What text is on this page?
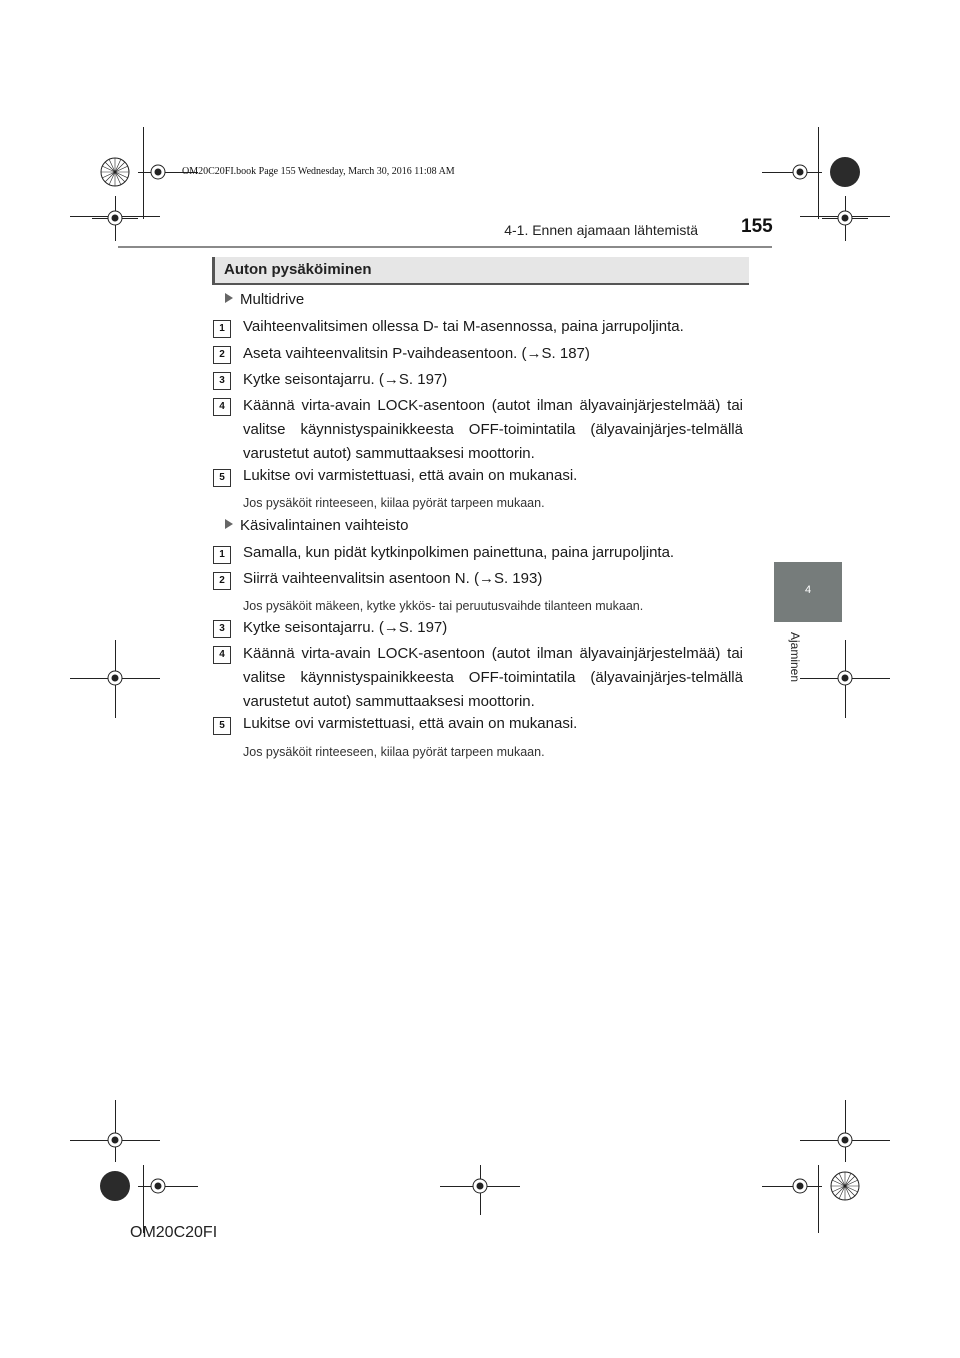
OM20C20FI.book Page 155 Wednesday, March 30, 2016 11:08 AM
4-1. Ennen ajamaan lähtemistä 155
4
Ajaminen
Auton pysäköiminen
Multidrive
1	Vaihteenvalitsimen ollessa D- tai M-asennossa, paina jarrupoljinta.
2	Aseta vaihteenvalitsin P-vaihdeasentoon. (→S. 187)
3	Kytke seisontajarru. (→S. 197)
4	Käännä virta-avain LOCK-asentoon (autot ilman älyavainjärjestelmää) tai valitse käynnistyspainikkeesta OFF-toimintatila (älyavainjärjes-telmällä varustetut autot) sammuttaaksesi moottorin.
5	Lukitse ovi varmistettuasi, että avain on mukanasi.
Jos pysäköit rinteeseen, kiilaa pyörät tarpeen mukaan.
Käsivalintainen vaihteisto
1	Samalla, kun pidät kytkinpolkimen painettuna, paina jarrupoljinta.
2	Siirrä vaihteenvalitsin asentoon N. (→S. 193)
Jos pysäköit mäkeen, kytke ykkös- tai peruutusvaihde tilanteen mukaan.
3	Kytke seisontajarru. (→S. 197)
4	Käännä virta-avain LOCK-asentoon (autot ilman älyavainjärjestelmää) tai valitse käynnistyspainikkeesta OFF-toimintatila (älyavainjärjes-telmällä varustetut autot) sammuttaaksesi moottorin.
5	Lukitse ovi varmistettuasi, että avain on mukanasi.
Jos pysäköit rinteeseen, kiilaa pyörät tarpeen mukaan.
OM20C20FI
